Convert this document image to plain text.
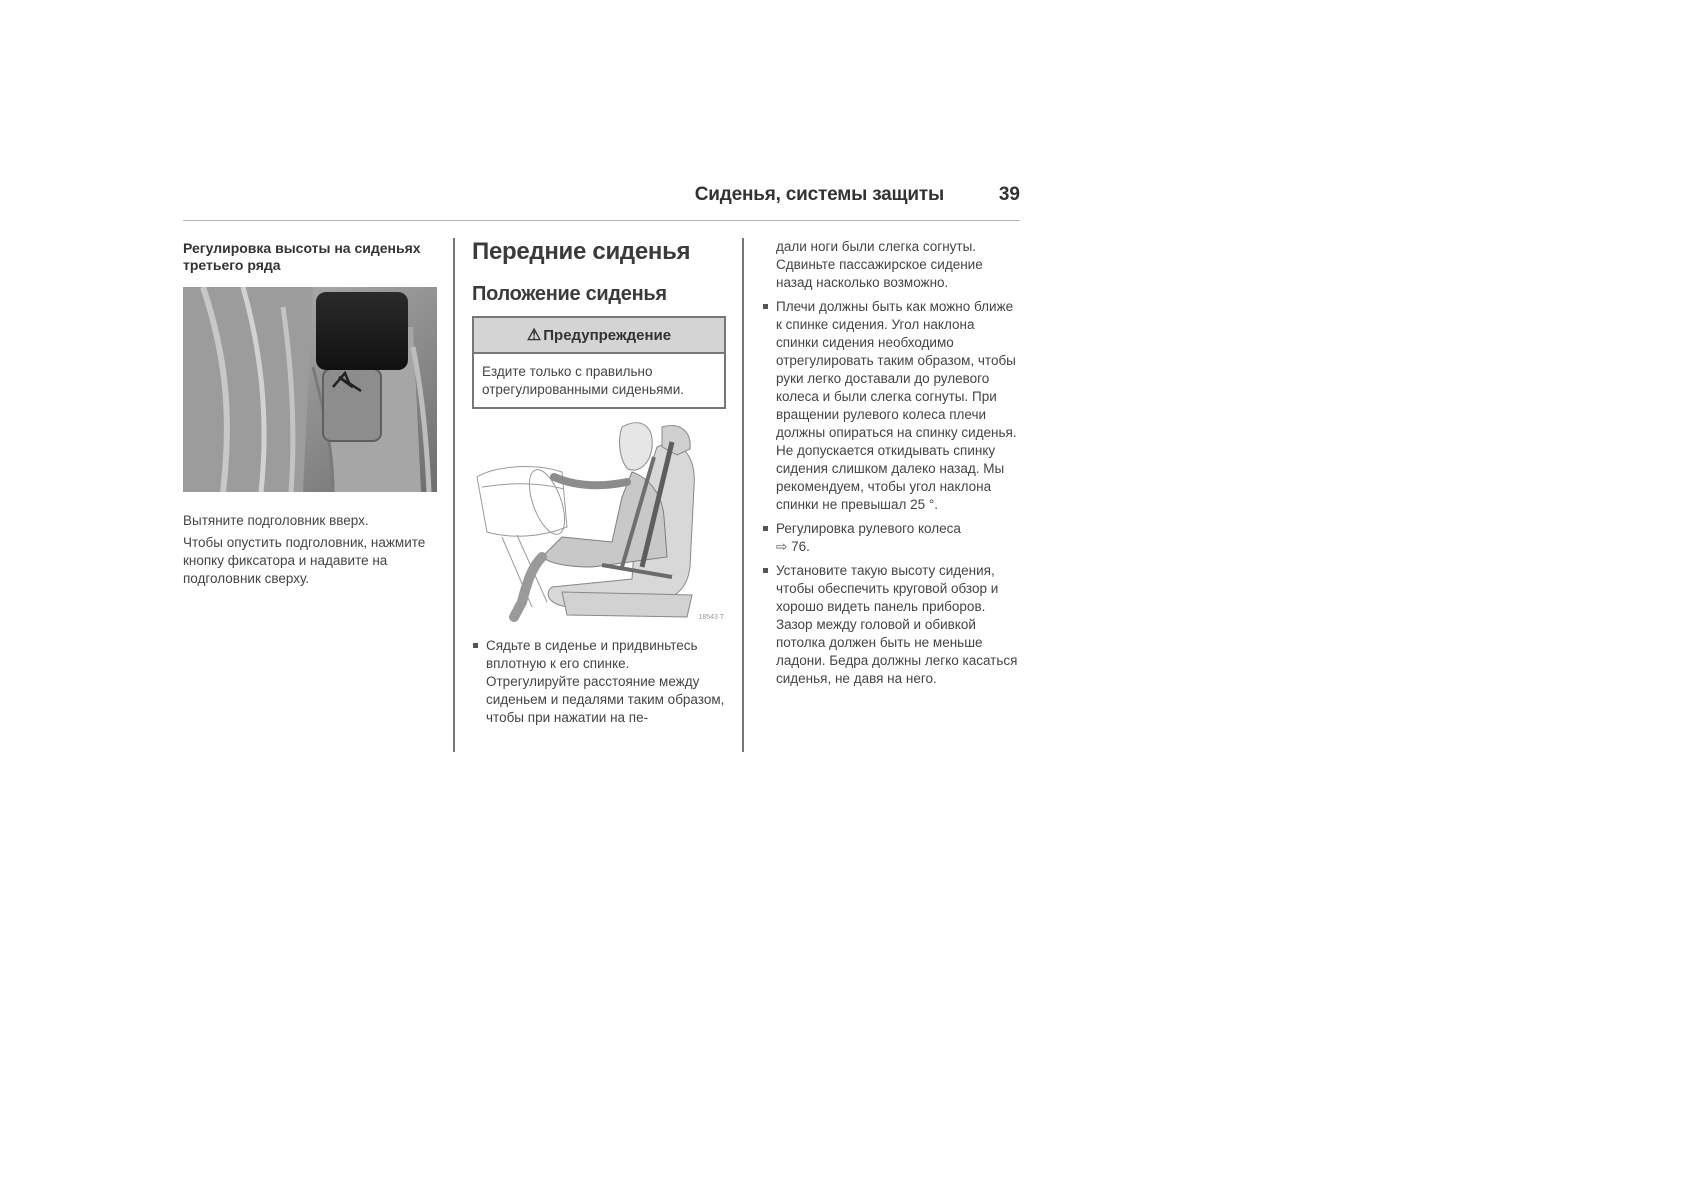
Сиденья, системы защиты	39

Регулировка высоты на сиденьях третьего ряда

Вытяните подголовник вверх.

Чтобы опустить подголовник, нажмите кнопку фиксатора и надавите на подголовник сверху.

Передние сиденья
Положение сиденья
⚠ Предупреждение
Ездите только с правильно отрегулированными сиденьями.
18543 T
Сядьте в сиденье и придвиньтесь вплотную к его спинке. Отрегулируйте расстояние между сиденьем и педалями таким образом, чтобы при нажатии на пе-

дали ноги были слегка согнуты. Сдвиньте пассажирское сидение назад насколько возможно.

Плечи должны быть как можно ближе к спинке сидения. Угол наклона спинки сидения необходимо отрегулировать таким образом, чтобы руки легко доставали до рулевого колеса и были слегка согнуты. При вращении рулевого колеса плечи должны опираться на спинку сиденья. Не допускается откидывать спинку сидения слишком далеко назад. Мы рекомендуем, чтобы угол наклона спинки не превышал 25 °.
Регулировка рулевого колеса
⇨ 76.
Установите такую высоту сидения, чтобы обеспечить круговой обзор и хорошо видеть панель приборов. Зазор между головой и обивкой потолка должен быть не меньше ладони. Бедра должны легко касаться сиденья, не давя на него.
